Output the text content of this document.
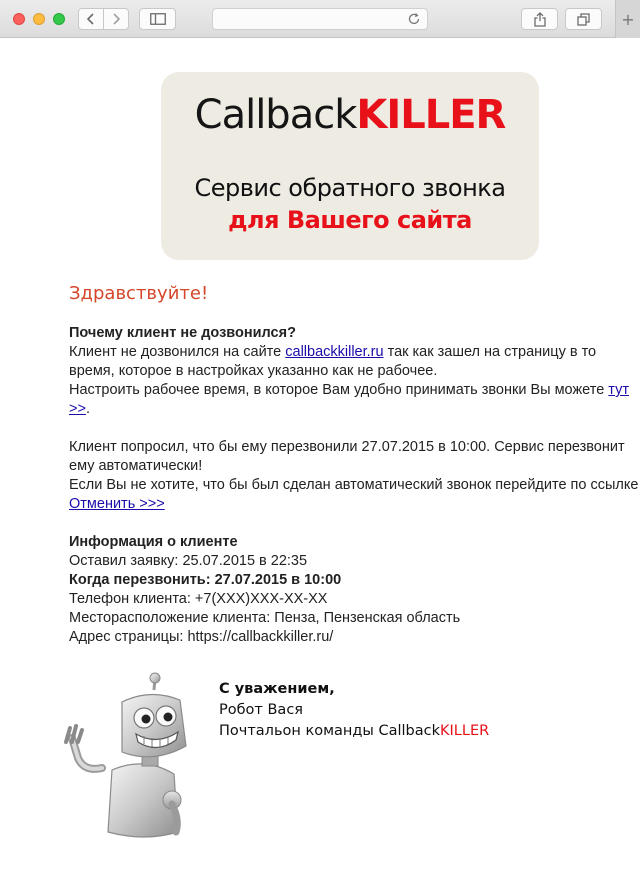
+
CallbackKILLER
Сервис обратного звонка
для Вашего сайта
Здравствуйте!
Почему клиент не дозвонился?
Клиент не дозвонился на сайте callbackkiller.ru так как зашел на страницу в то время, которое в настройках указанно как не рабочее.
Настроить рабочее время, в которое Вам удобно принимать звонки Вы можете тут >>.
Клиент попросил, что бы ему перезвонили 27.07.2015 в 10:00. Сервис перезвонит ему автоматически!
Если Вы не хотите, что бы был сделан автоматический звонок перейдите по ссылке Отменить >>>
Информация о клиенте
Оставил заявку: 25.07.2015 в 22:35
Когда перезвонить: 27.07.2015 в 10:00
Телефон клиента: +7(XXX)XXX-XX-XX
Месторасположение клиента: Пенза, Пензенская область
Адрес страницы: https://callbackkiller.ru/
С уважением,
Робот Вася
Почтальон команды CallbackKILLER
